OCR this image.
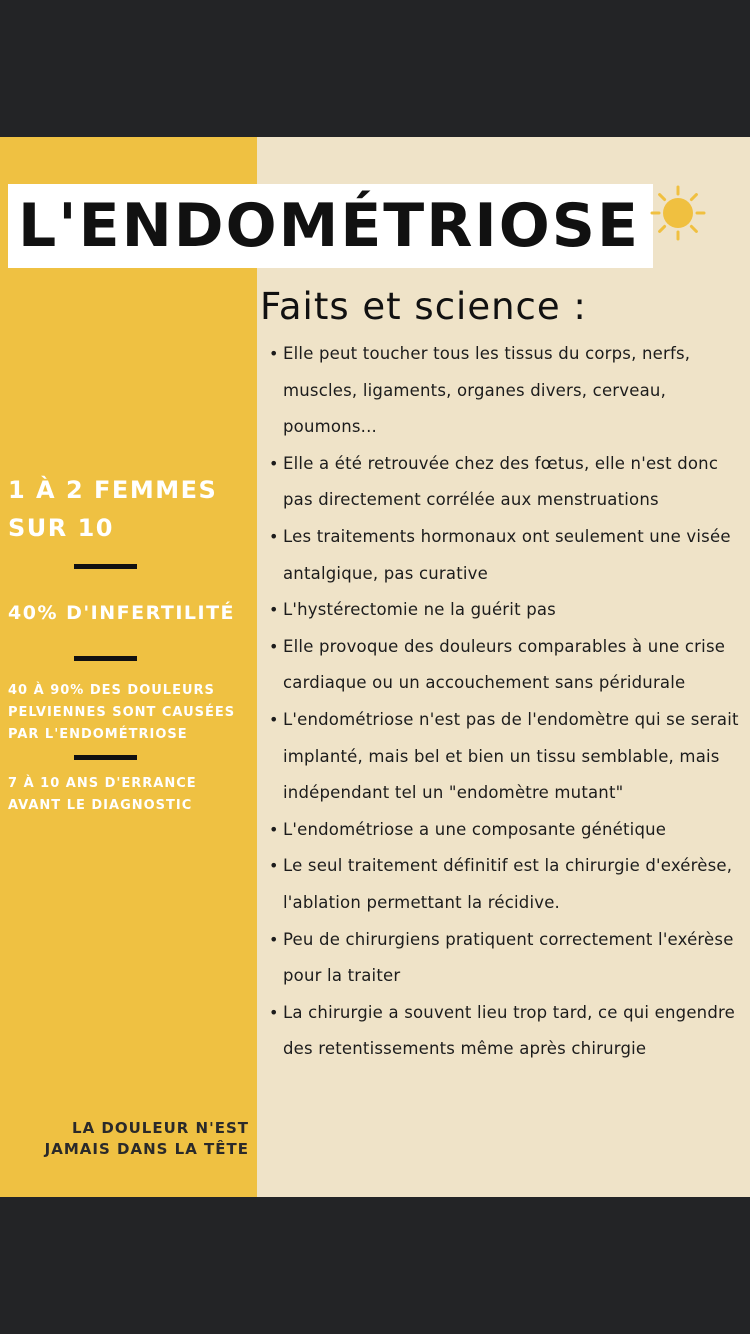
L'ENDOMÉTRIOSE
1 À 2 FEMMES SUR 10
40% D'INFERTILITÉ
40 À 90% DES DOULEURS PELVIENNES SONT CAUSÉES PAR L'ENDOMÉTRIOSE
7 À 10 ANS D'ERRANCE AVANT LE DIAGNOSTIC
LA DOULEUR N'EST JAMAIS DANS LA TÊTE
Faits et science :
• Elle peut toucher tous les tissus du corps, nerfs, muscles, ligaments, organes divers, cerveau, poumons...
• Elle a été retrouvée chez des fœtus, elle n'est donc pas directement corrélée aux menstruations
• Les traitements hormonaux ont seulement une visée antalgique, pas curative
• L'hystérectomie ne la guérit pas
• Elle provoque des douleurs comparables à une crise cardiaque ou un accouchement sans péridurale
• L'endométriose n'est pas de l'endomètre qui se serait implanté, mais bel et bien un tissu semblable, mais indépendant tel un "endomètre mutant"
• L'endométriose a une composante génétique
• Le seul traitement définitif est la chirurgie d'exérèse, l'ablation permettant la récidive.
• Peu de chirurgiens pratiquent correctement l'exérèse pour la traiter
• La chirurgie a souvent lieu trop tard, ce qui engendre des retentissements même après chirurgie
